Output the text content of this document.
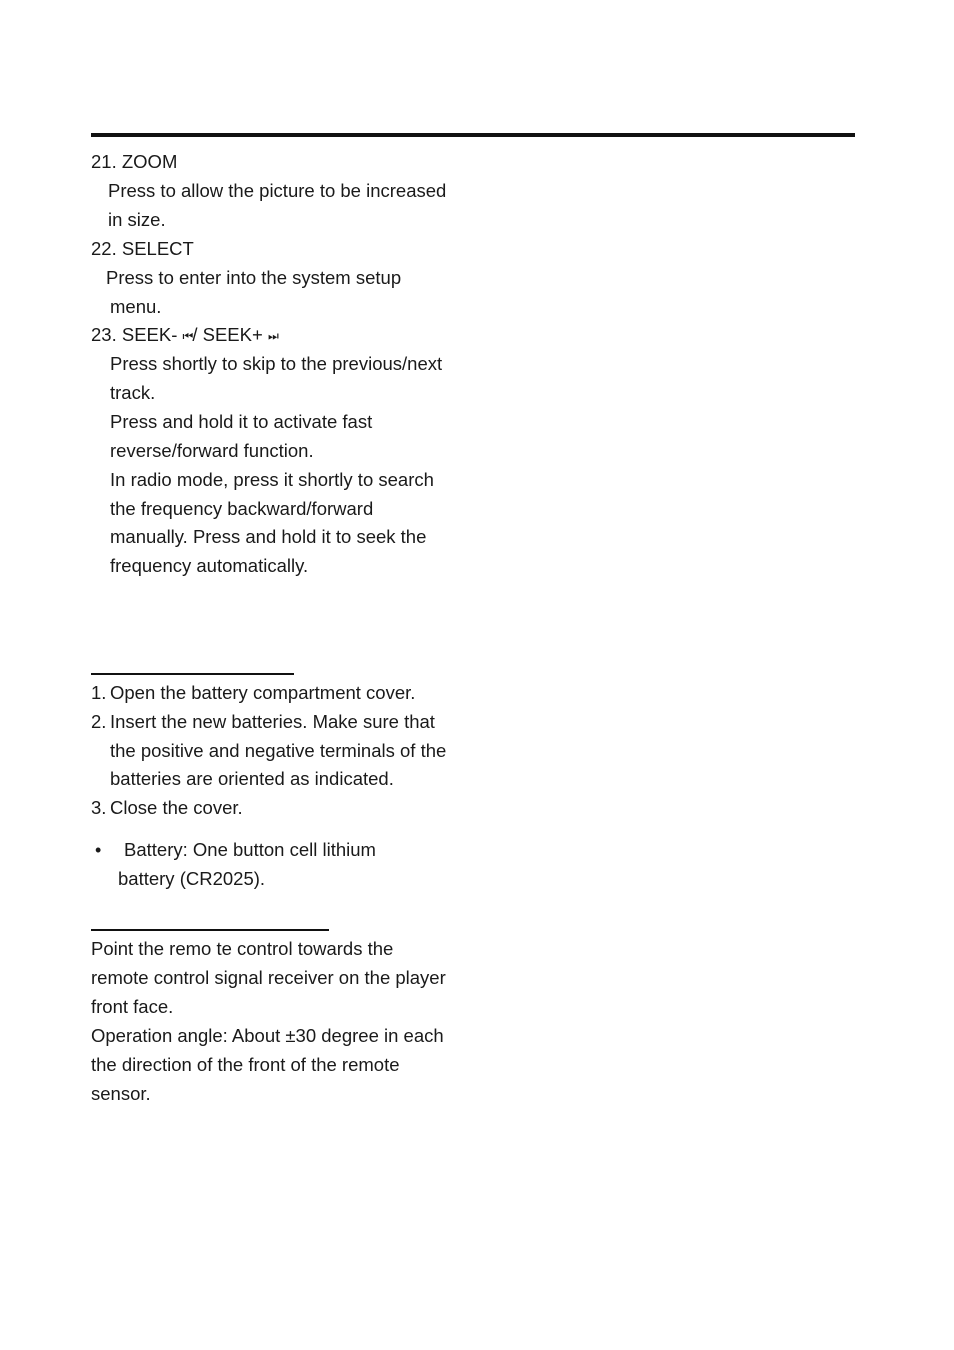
21. ZOOM
Press to allow the picture to be increased
in size.
22. SELECT
Press to enter into the system setup
menu.
23. SEEK- ⏮/ SEEK+ ⏭
Press shortly to skip to the previous/next
track.
Press and hold it to activate fast
reverse/forward function.
In radio mode, press it shortly to search
the frequency backward/forward
manually. Press and hold it to seek the
frequency automatically.
1. Open the battery compartment cover.
2. Insert the new batteries. Make sure that
the positive and negative terminals of the
batteries are oriented as indicated.
3. Close the cover.
• Battery: One button cell lithium
battery (CR2025).
Point the remo te control towards the
remote control signal receiver on the player
front face.
Operation angle: About ±30 degree in each
the direction of the front of the remote
sensor.
